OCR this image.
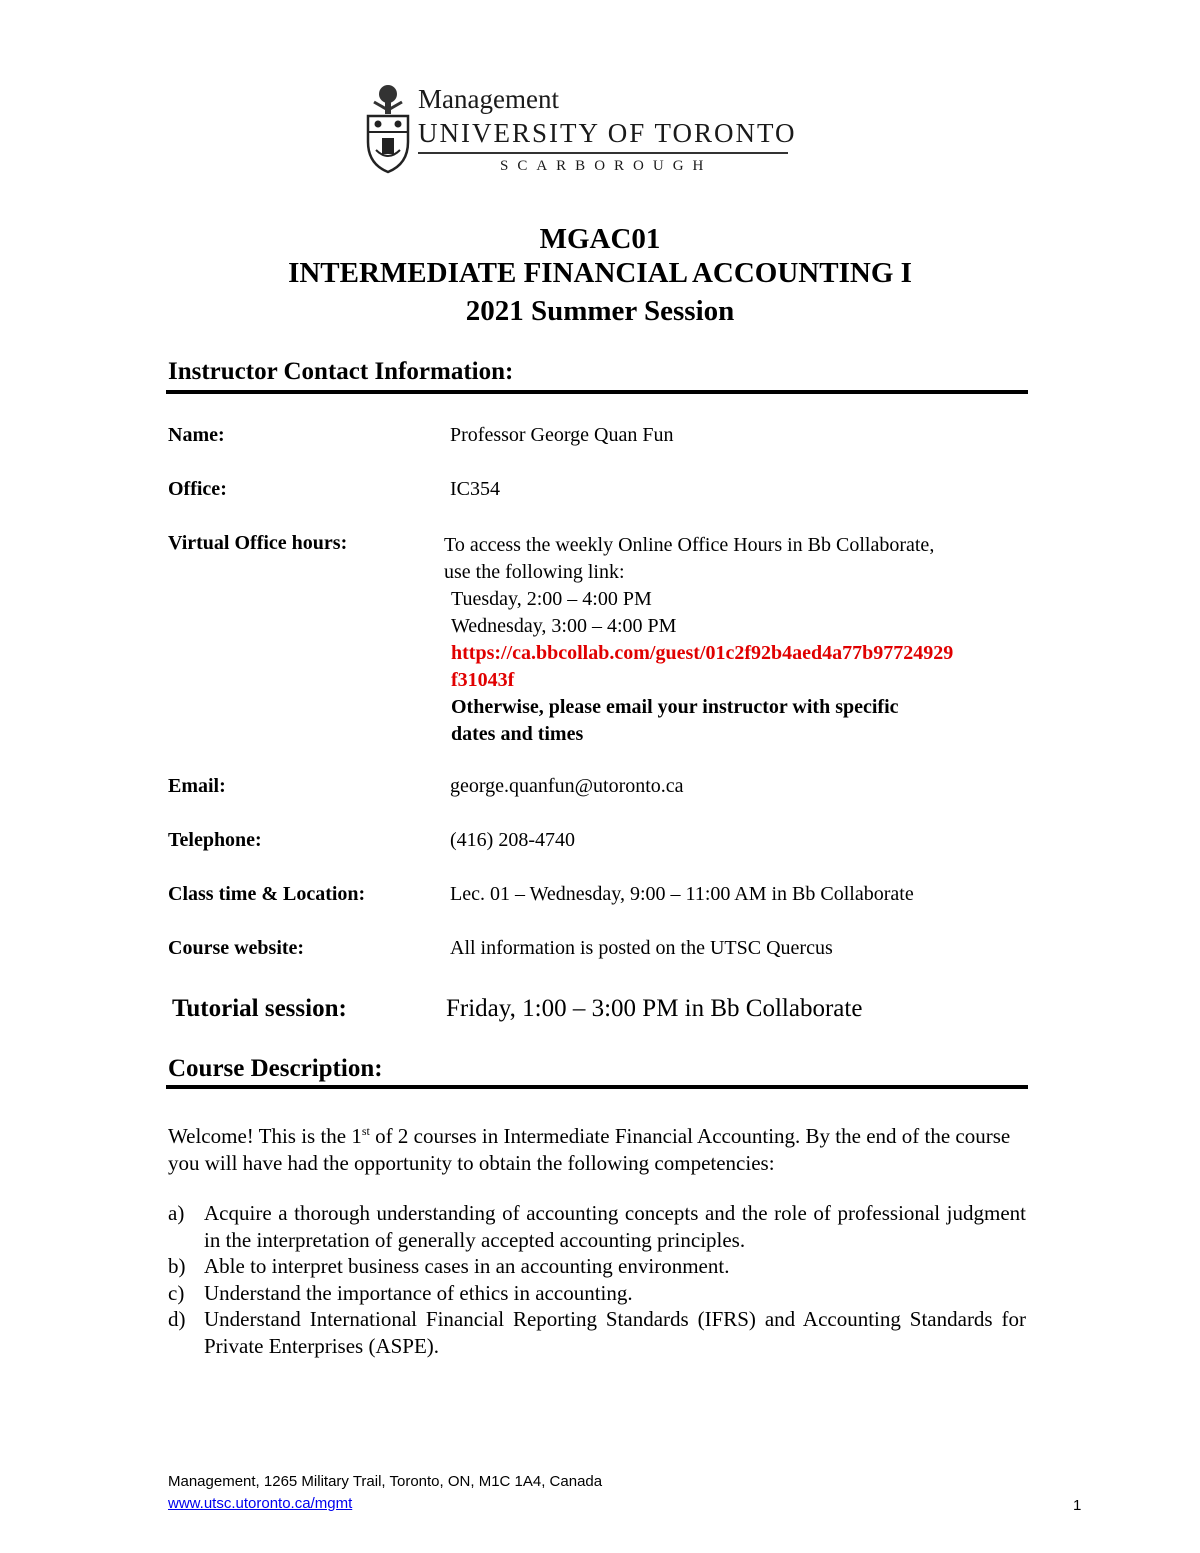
Management
UNIVERSITY OF TORONTO
SCARBOROUGH
MGAC01
INTERMEDIATE FINANCIAL ACCOUNTING I
2021 Summer Session
Instructor Contact Information:
Name:	Professor George Quan Fun
Office:	IC354
Virtual Office hours:	To access the weekly Online Office Hours in Bb Collaborate,
use the following link:
Tuesday, 2:00 – 4:00 PM
Wednesday, 3:00 – 4:00 PM
https://ca.bbcollab.com/guest/01c2f92b4aed4a77b97724929
f31043f
Otherwise, please email your instructor with specific
dates and times
Email:	george.quanfun@utoronto.ca
Telephone:	(416) 208-4740
Class time & Location:	Lec. 01 – Wednesday, 9:00 – 11:00 AM in Bb Collaborate
Course website:	All information is posted on the UTSC Quercus
Tutorial session:	Friday, 1:00 – 3:00 PM in Bb Collaborate
Course Description:
Welcome! This is the 1st of 2 courses in Intermediate Financial Accounting. By the end of the course you will have had the opportunity to obtain the following competencies:
a) Acquire a thorough understanding of accounting concepts and the role of professional judgment in the interpretation of generally accepted accounting principles.
b) Able to interpret business cases in an accounting environment.
c) Understand the importance of ethics in accounting.
d) Understand International Financial Reporting Standards (IFRS) and Accounting Standards for Private Enterprises (ASPE).
Management, 1265 Military Trail, Toronto, ON, M1C 1A4, Canada
www.utsc.utoronto.ca/mgmt	1
